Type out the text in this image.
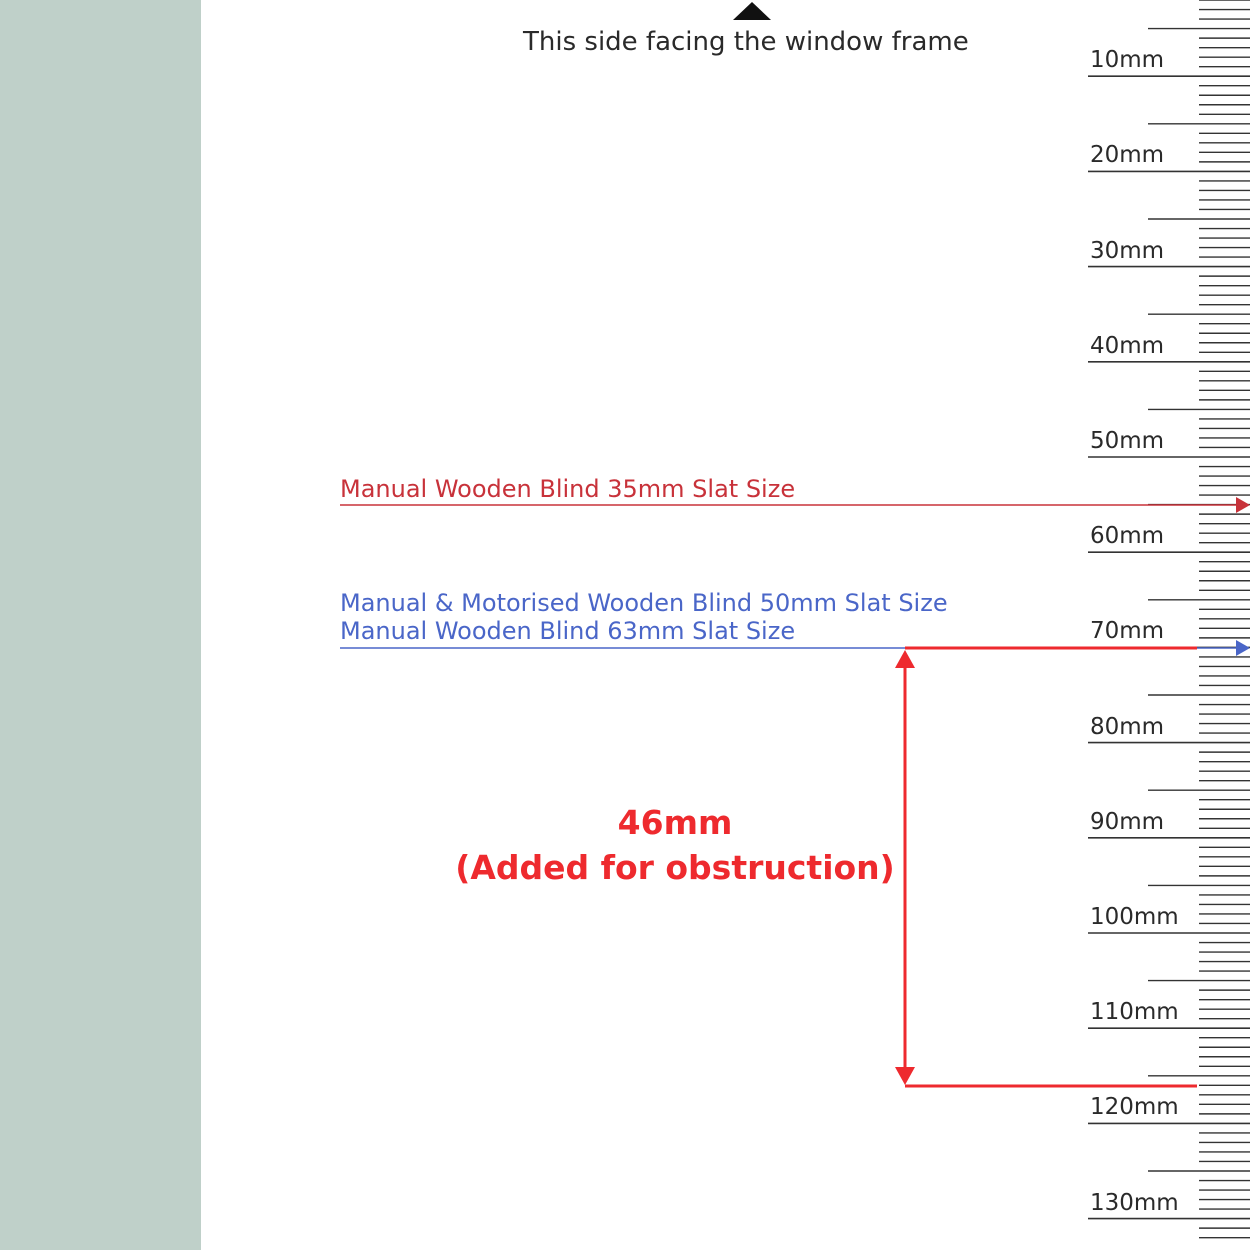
This side facing the window frame
Manual Wooden Blind 35mm Slat Size
Manual & Motorised Wooden Blind 50mm Slat Size
Manual Wooden Blind 63mm Slat Size
46mm
(Added for obstruction)
10mm
20mm
30mm
40mm
50mm
60mm
70mm
80mm
90mm
100mm
110mm
120mm
130mm
